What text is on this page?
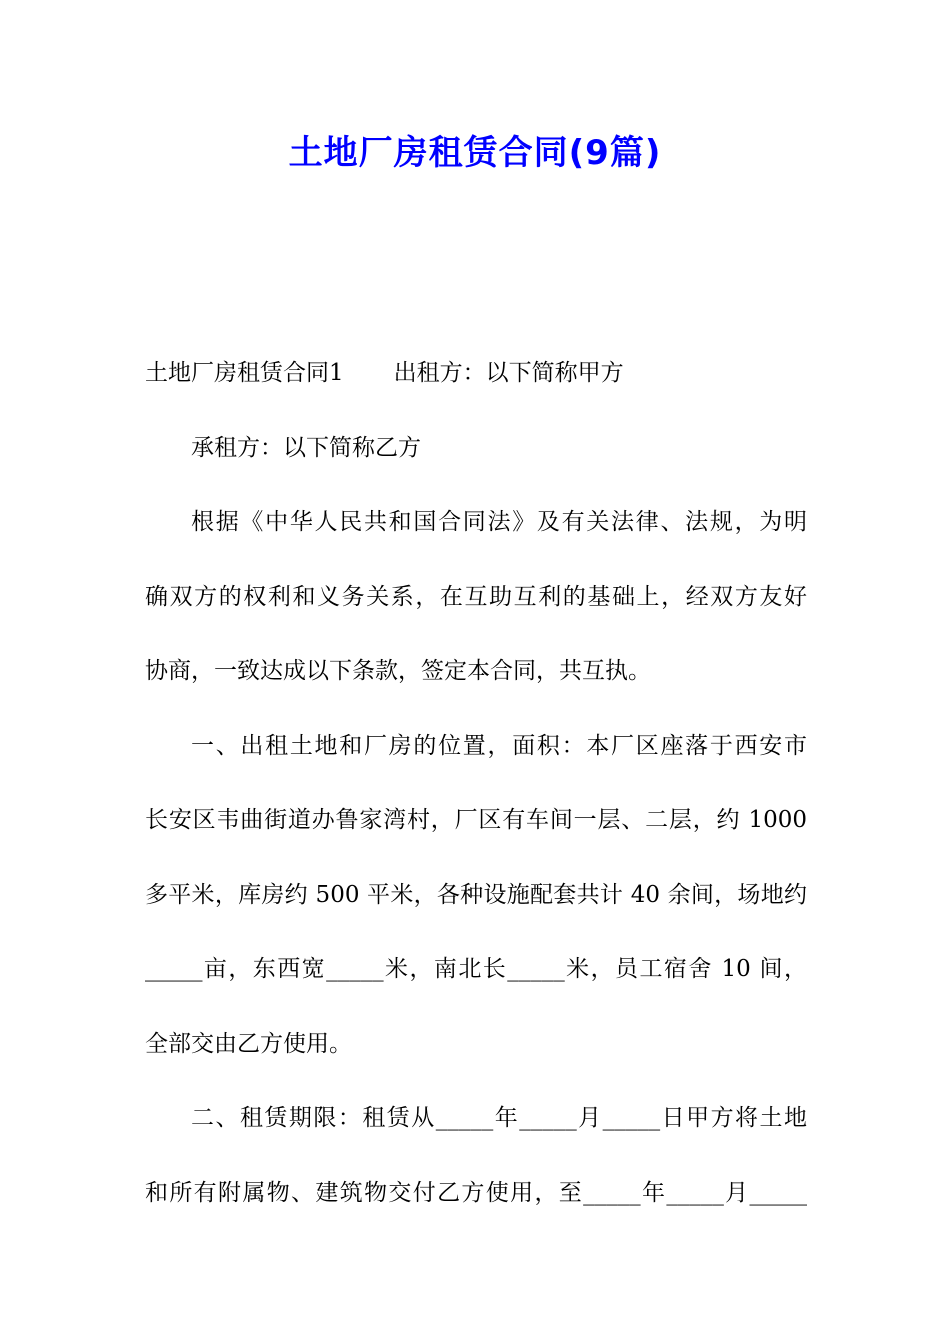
土地厂房租赁合同(9篇)
土地厂房租赁合同1 出租方：以下简称甲方
承租方：以下简称乙方
根据《中华人民共和国合同法》及有关法律、法规，为明
确双方的权利和义务关系，在互助互利的基础上，经双方友好
协商，一致达成以下条款，签定本合同，共互执。
一、出租土地和厂房的位置，面积：本厂区座落于西安市
长安区韦曲街道办鲁家湾村，厂区有车间一层、二层，约 1000
多平米，库房约 500 平米，各种设施配套共计 40 余间，场地约
_____亩，东西宽_____米，南北长_____米，员工宿舍 10 间，
全部交由乙方使用。
二、租赁期限：租赁从_____年_____月_____日甲方将土地
和所有附属物、建筑物交付乙方使用，至_____年_____月_____
